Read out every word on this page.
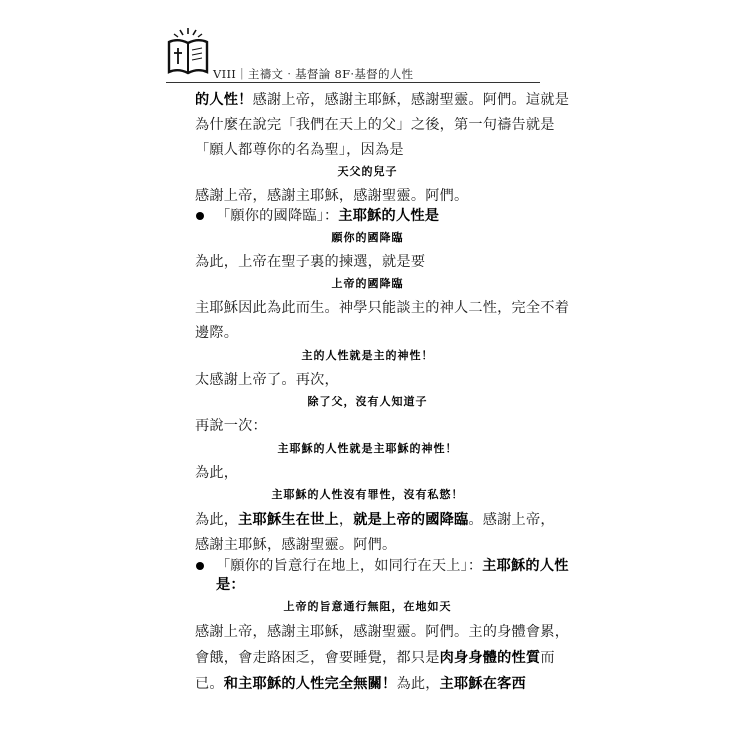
VIII｜主禱文‧基督論 8F‧基督的人性
的人性！感謝上帝，感謝主耶穌，感謝聖靈。阿們。這就是
為什麼在說完「我們在天上的父」之後，第一句禱告就是
「願人都尊你的名為聖」，因為是
天父的兒子
感謝上帝，感謝主耶穌，感謝聖靈。阿們。
「願你的國降臨」：主耶穌的人性是
願你的國降臨
為此，上帝在聖子裏的揀選，就是要
上帝的國降臨
主耶穌因此為此而生。神學只能談主的神人二性，完全不着
邊際。
主的人性就是主的神性！
太感謝上帝了。再次，
除了父，沒有人知道子
再說一次：
主耶穌的人性就是主耶穌的神性！
為此，
主耶穌的人性沒有罪性，沒有私慾！
為此，主耶穌生在世上，就是上帝的國降臨。感謝上帝，
感謝主耶穌，感謝聖靈。阿們。
「願你的旨意行在地上，如同行在天上」：主耶穌的人性
是：
上帝的旨意通行無阻，在地如天
感謝上帝，感謝主耶穌，感謝聖靈。阿們。主的身體會累，
會餓，會走路困乏，會要睡覺，都只是肉身身體的性質而
已。和主耶穌的人性完全無關！為此，主耶穌在客西
